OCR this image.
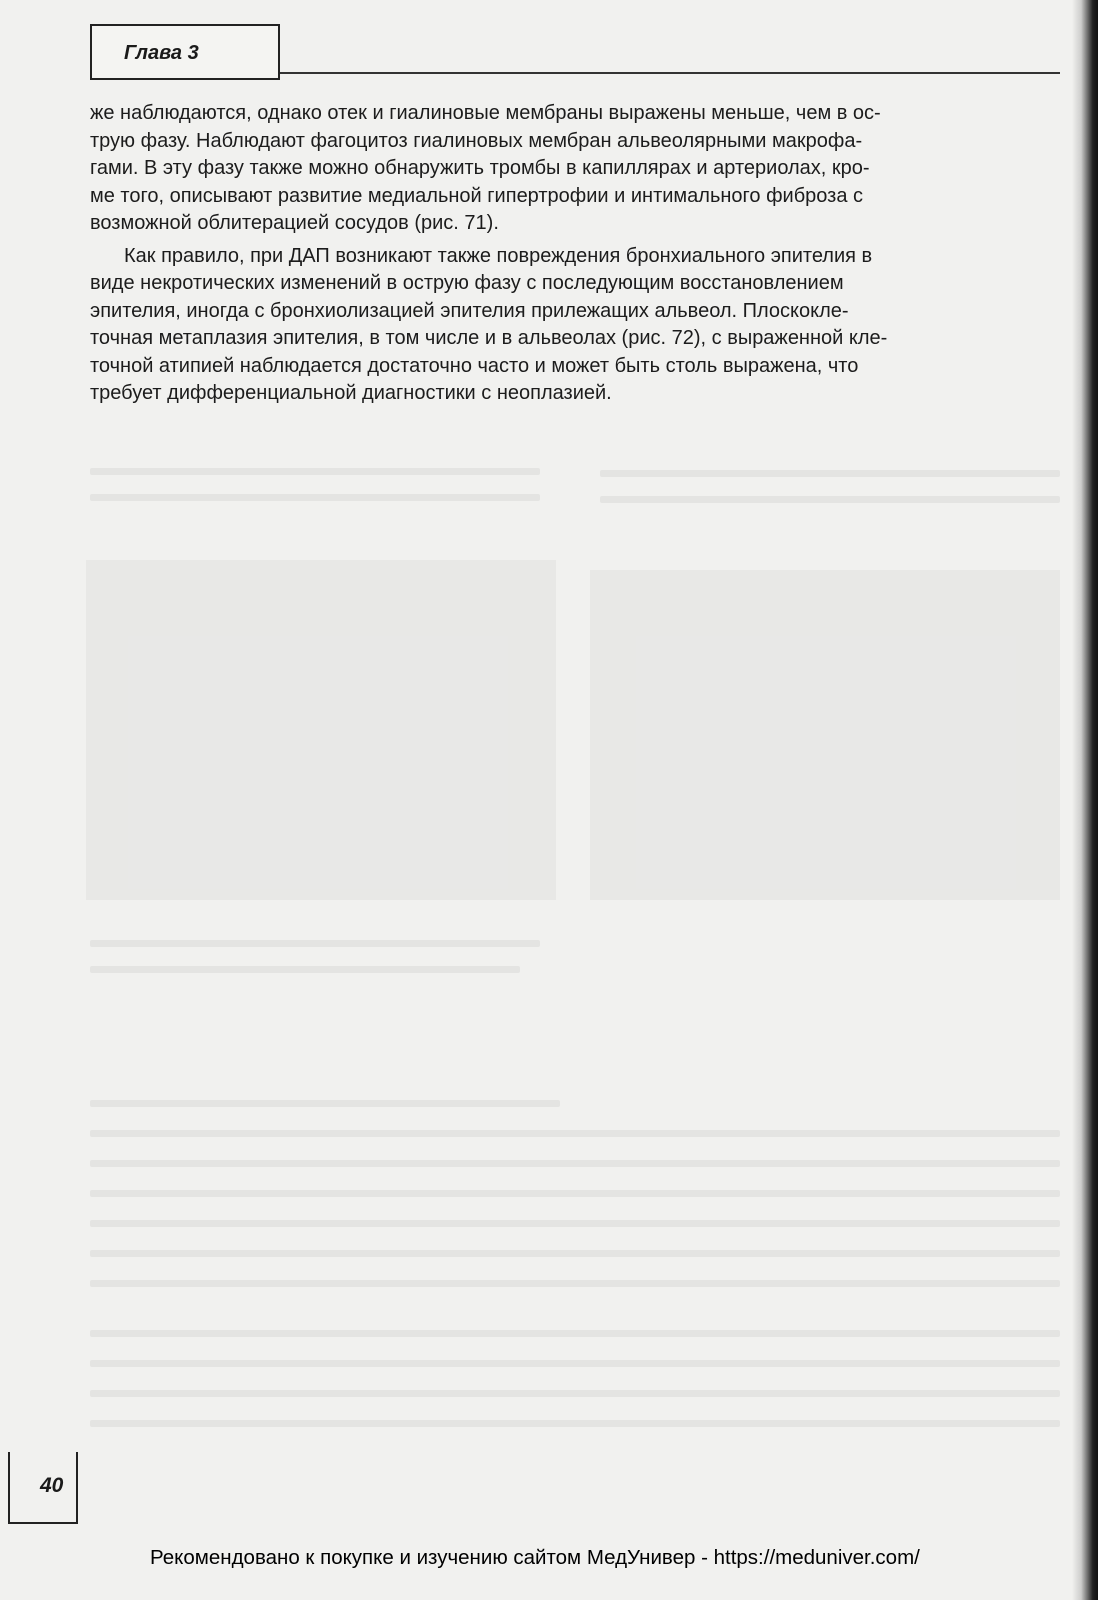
Глава 3
же наблюдаются, однако отек и гиалиновые мембраны выражены меньше, чем в ос-
трую фазу. Наблюдают фагоцитоз гиалиновых мембран альвеолярными макрофа-
гами. В эту фазу также можно обнаружить тромбы в капиллярах и артериолах, кро-
ме того, описывают развитие медиальной гипертрофии и интимального фиброза с
возможной облитерацией сосудов (рис. 71).
Как правило, при ДАП возникают также повреждения бронхиального эпителия в
виде некротических изменений в острую фазу с последующим восстановлением
эпителия, иногда с бронхиолизацией эпителия прилежащих альвеол. Плоскокле-
точная метаплазия эпителия, в том числе и в альвеолах (рис. 72), с выраженной кле-
точной атипией наблюдается достаточно часто и может быть столь выражена, что
требует дифференциальной диагностики с неоплазией.
40
Рекомендовано к покупке и изучению сайтом МедУнивер - https://meduniver.com/
